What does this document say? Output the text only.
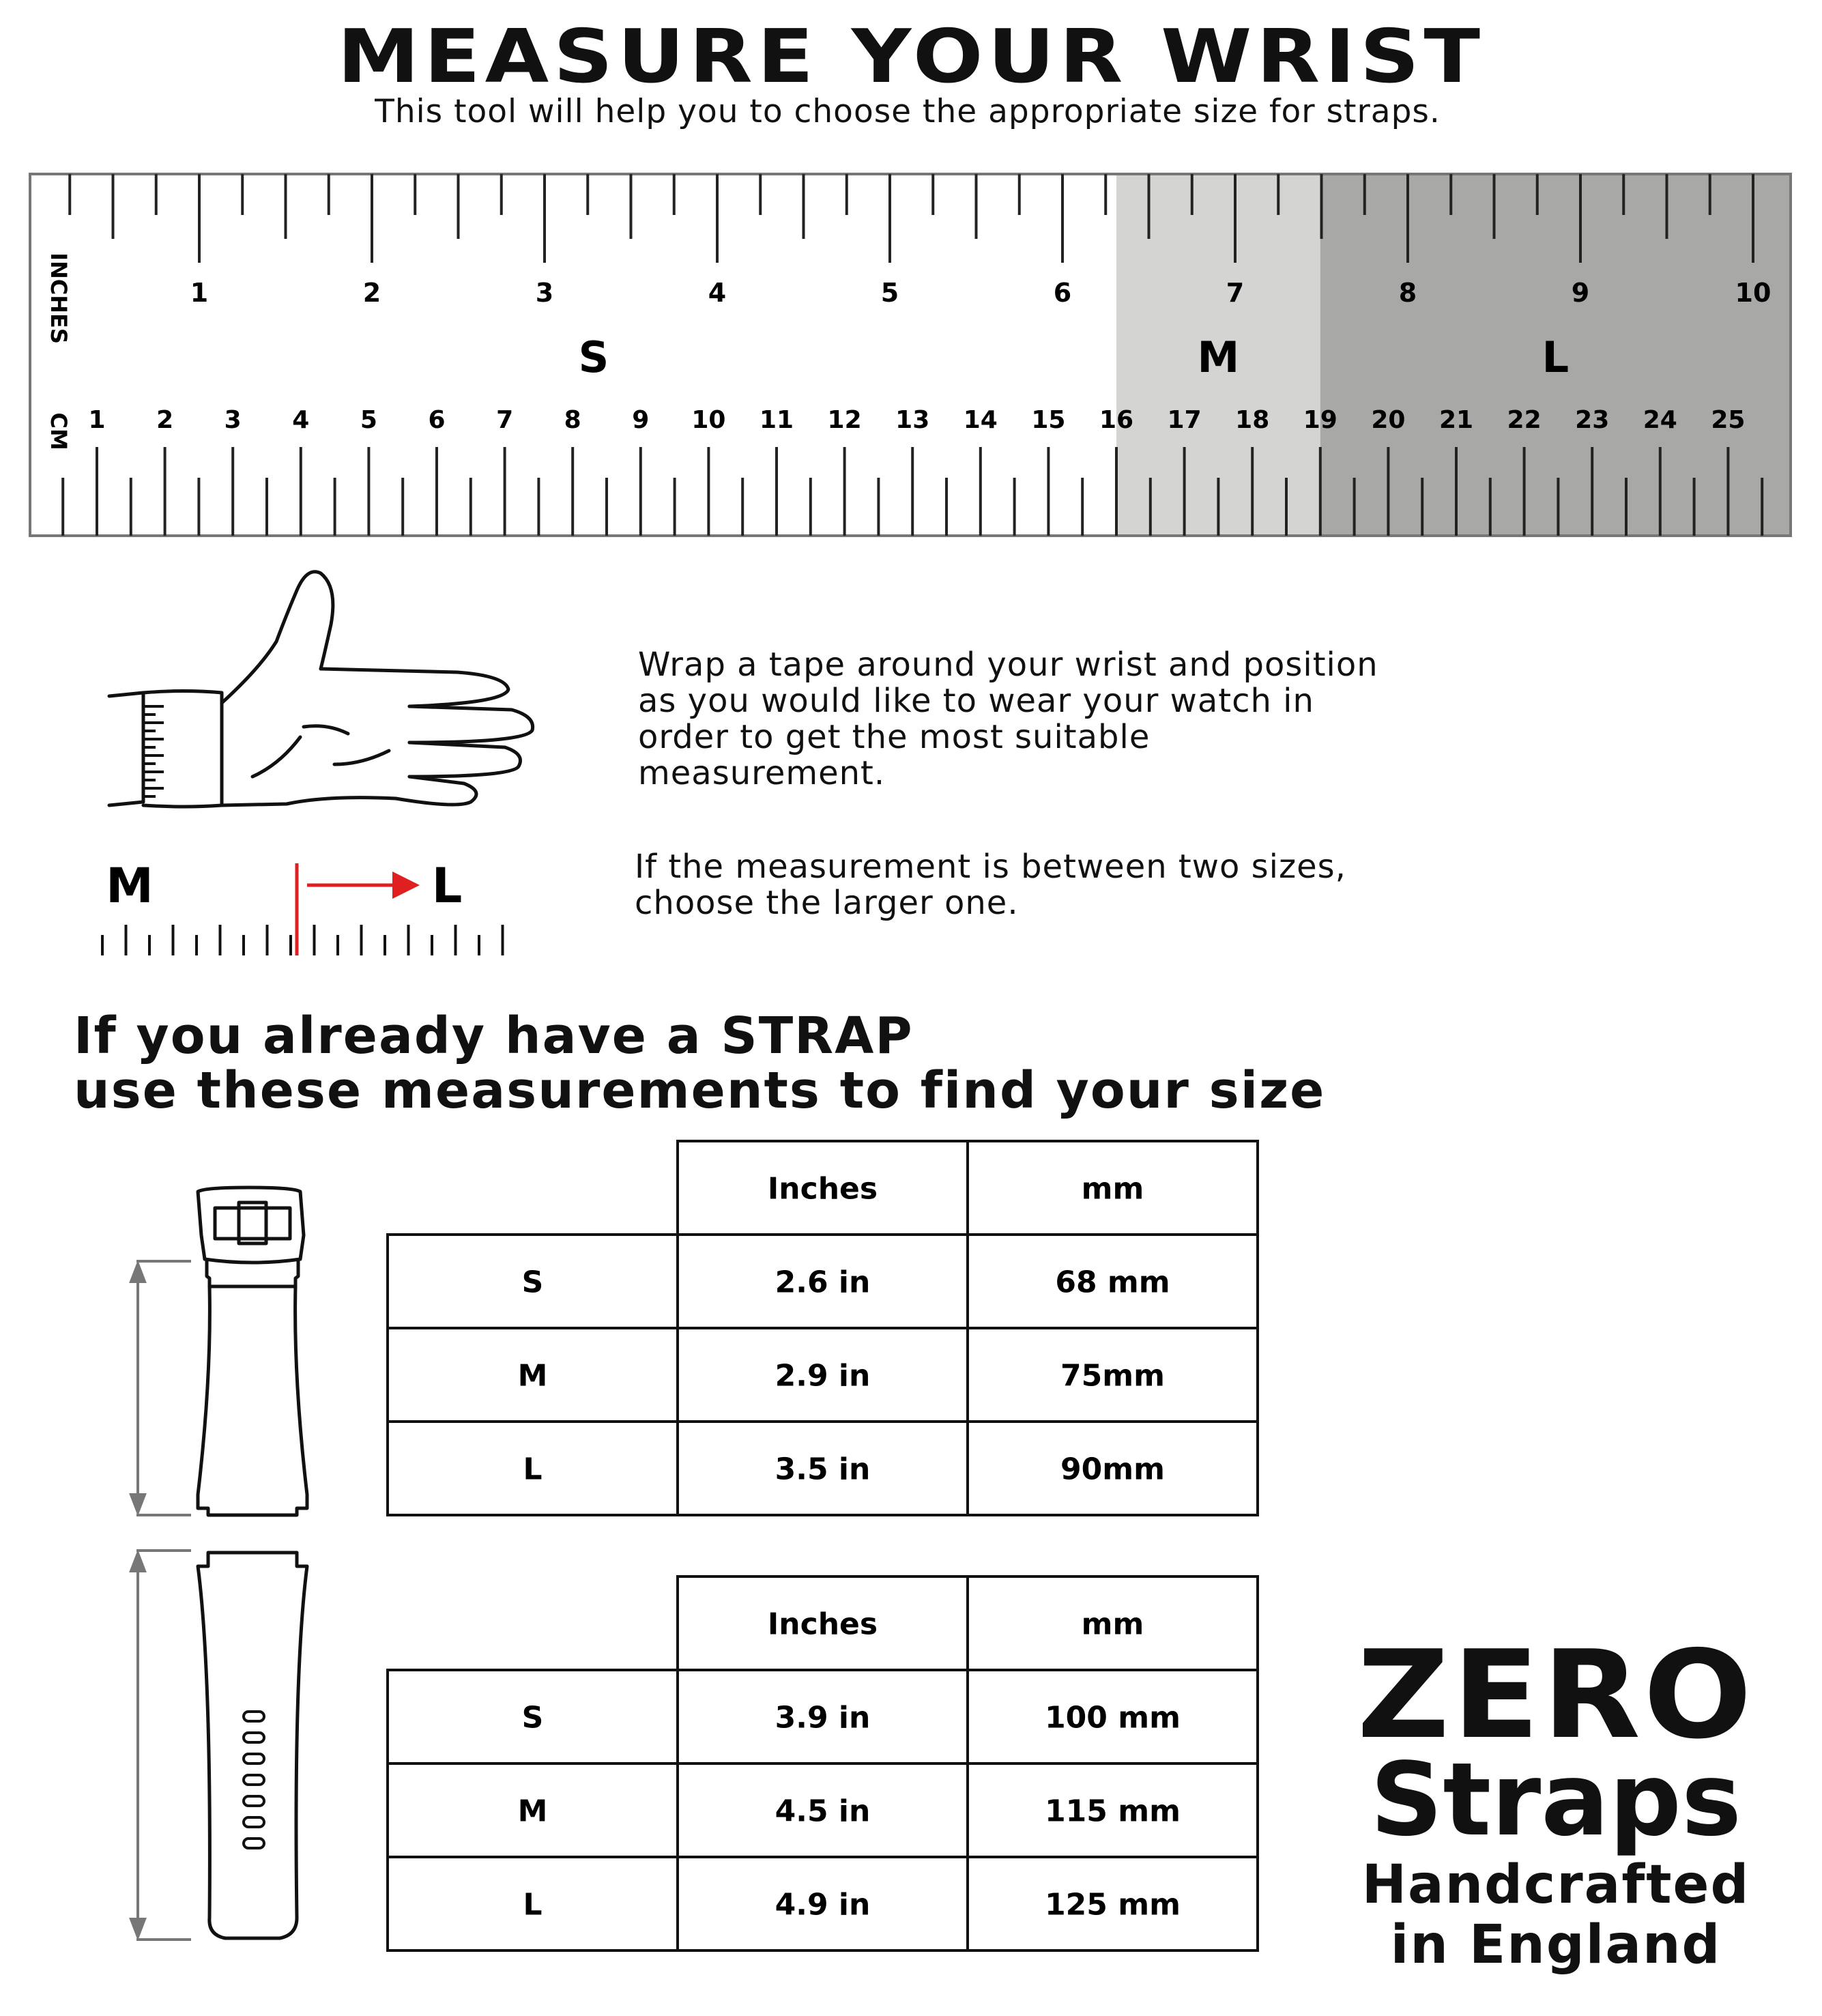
MEASURE YOUR WRIST
This tool will help you to choose the appropriate size for straps.
1	2	3	4	5	6	7	8	9	10
1 2 3 4 5 6 7 8 9 10 11 12 13 14 15 16 17 18 19 20 21 22 23 24 25
S	M	L
INCHES
CM
Wrap a tape around your wrist and position as you would like to wear your watch in order to get the most suitable measurement.
M	L	If the measurement is between two sizes, choose the larger one.
If you already have a STRAP
use these measurements to find your size
Inches	mm
S	2.6 in	68 mm
M	2.9 in	75mm
L	3.5 in	90mm
Inches	mm
S	3.9 in	100 mm
M	4.5 in	115 mm
L	4.9 in	125 mm
ZERO
Straps
Handcrafted
in England
